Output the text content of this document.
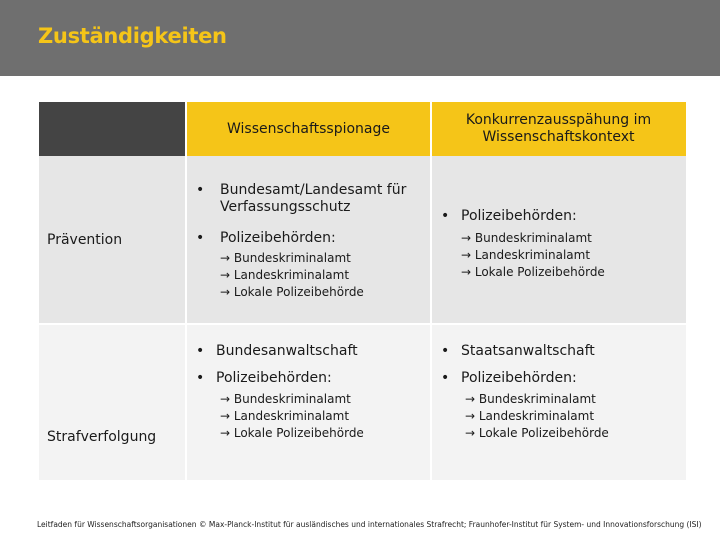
Zuständigkeiten
Wissenschaftsspionage
Konkurrenzausspähung im
Wissenschaftskontext
Prävention
• Bundesamt/Landesamt für
Verfassungsschutz
• Polizeibehörden:
→ Bundeskriminalamt
→ Landeskriminalamt
→ Lokale Polizeibehörde
• Polizeibehörden:
→ Bundeskriminalamt
→ Landeskriminalamt
→ Lokale Polizeibehörde
Strafverfolgung
• Bundesanwaltschaft
• Polizeibehörden:
→ Bundeskriminalamt
→ Landeskriminalamt
→ Lokale Polizeibehörde
• Staatsanwaltschaft
• Polizeibehörden:
→ Bundeskriminalamt
→ Landeskriminalamt
→ Lokale Polizeibehörde
Leitfaden für Wissenschaftsorganisationen © Max-Planck-Institut für ausländisches und internationales Strafrecht; Fraunhofer-Institut für System- und Innovationsforschung (ISI)
